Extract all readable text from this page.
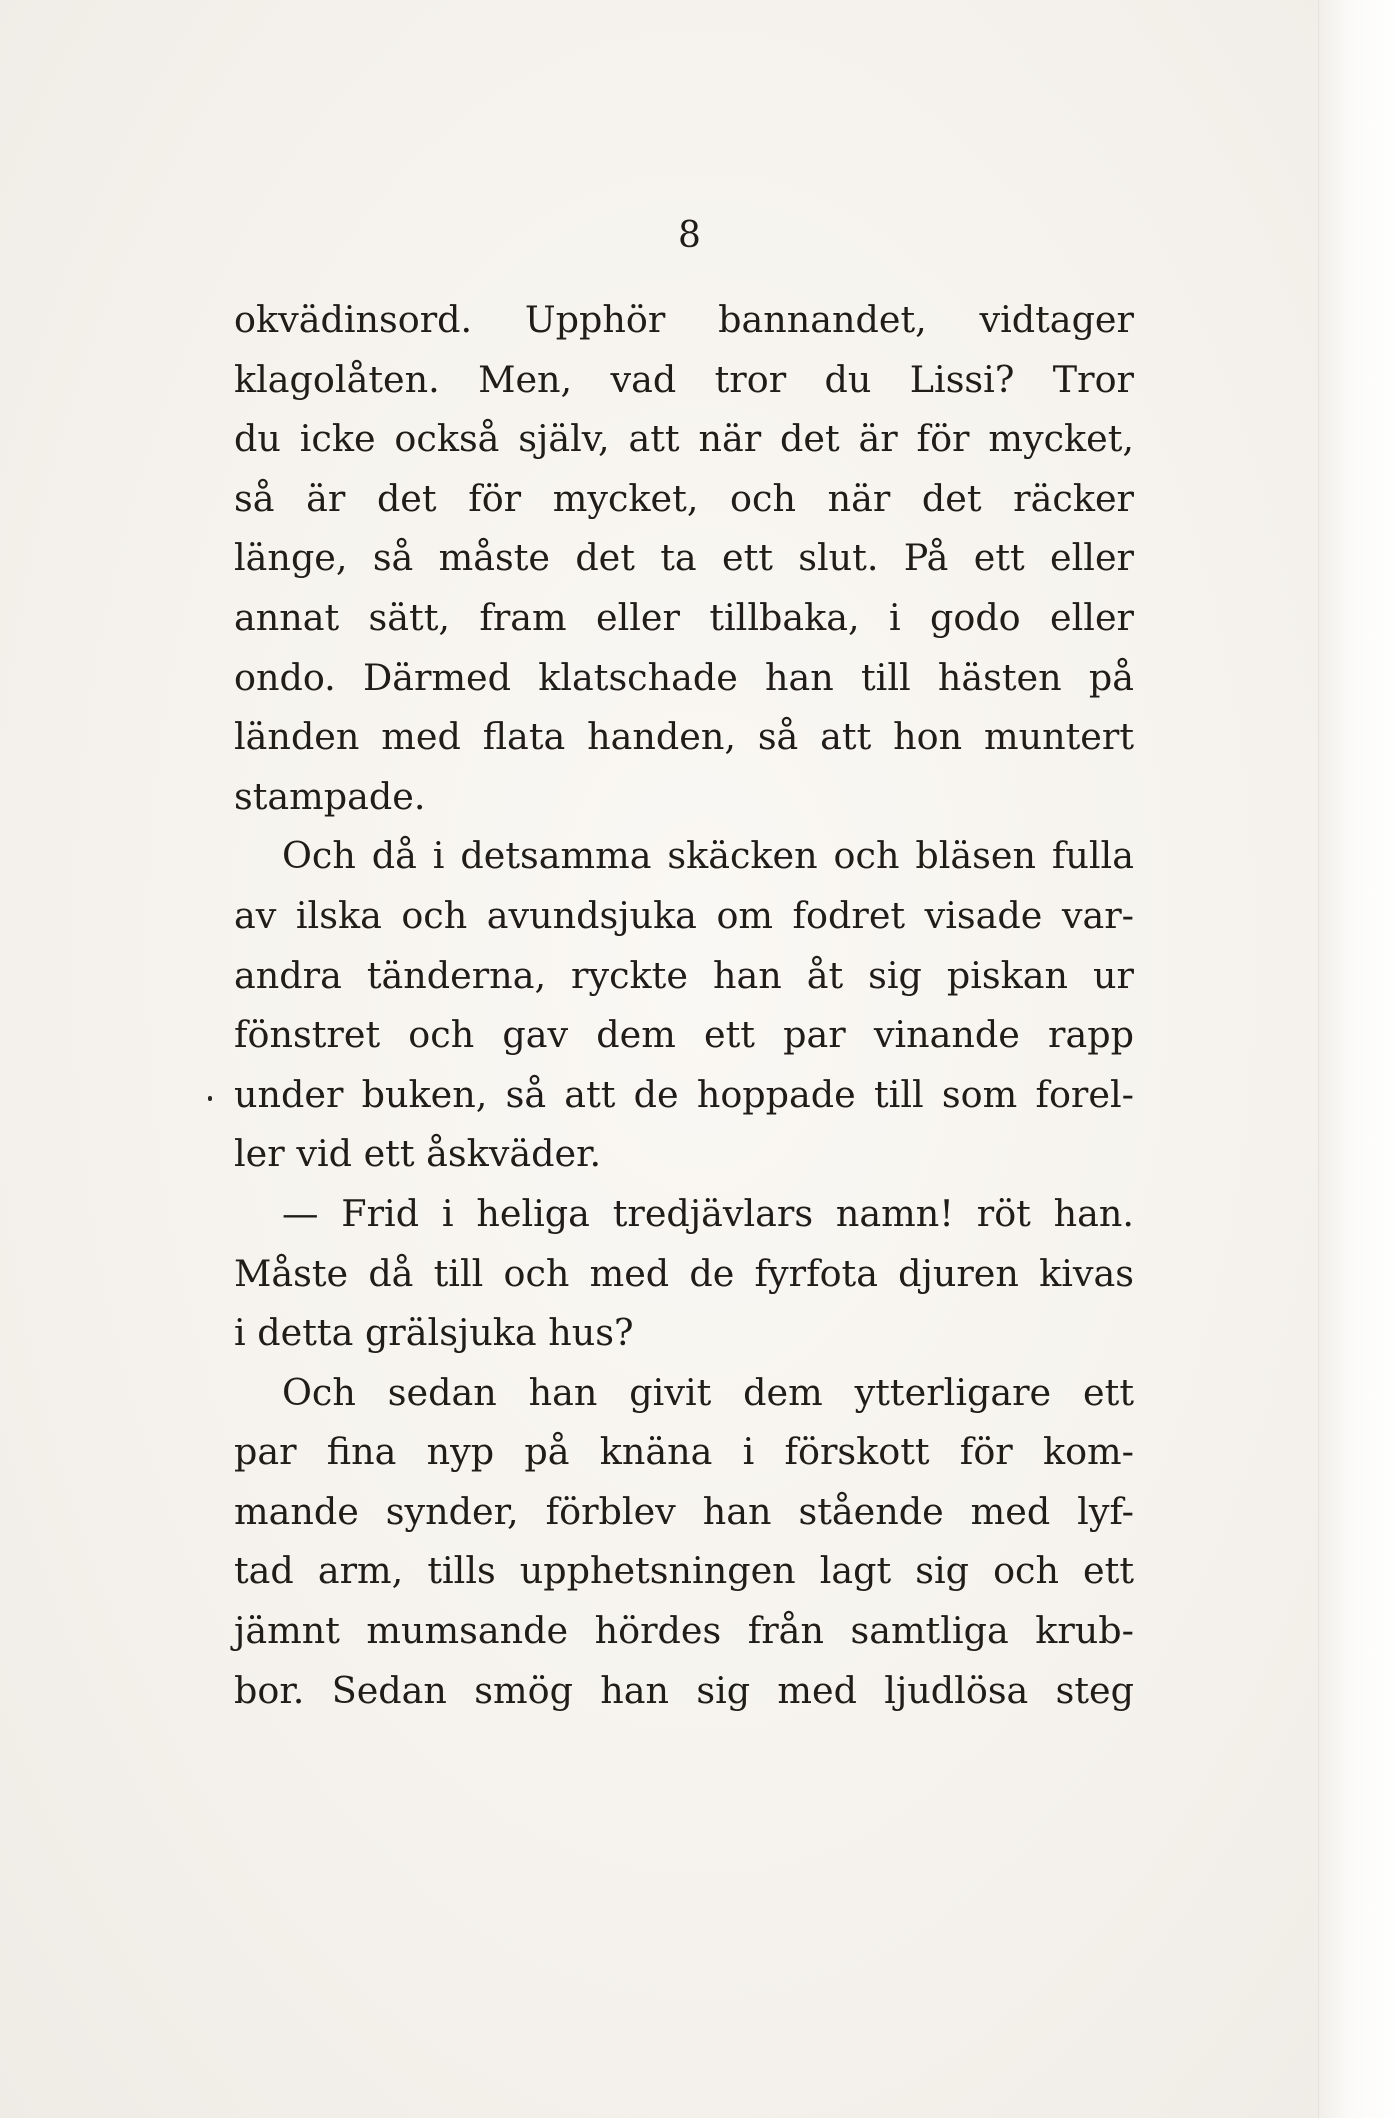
8
okvädinsord. Upphör bannandet, vidtager
klagolåten. Men, vad tror du Lissi? Tror
du icke också själv, att när det är för mycket,
så är det för mycket, och när det räcker
länge, så måste det ta ett slut. På ett eller
annat sätt, fram eller tillbaka, i godo eller
ondo. Därmed klatschade han till hästen på
länden med flata handen, så att hon muntert
stampade.
Och då i detsamma skäcken och bläsen fulla
av ilska och avundsjuka om fodret visade var-
andra tänderna, ryckte han åt sig piskan ur
fönstret och gav dem ett par vinande rapp
under buken, så att de hoppade till som forel-
ler vid ett åskväder.
— Frid i heliga tredjävlars namn! röt han.
Måste då till och med de fyrfota djuren kivas
i detta grälsjuka hus?
Och sedan han givit dem ytterligare ett
par fina nyp på knäna i förskott för kom-
mande synder, förblev han stående med lyf-
tad arm, tills upphetsningen lagt sig och ett
jämnt mumsande hördes från samtliga krub-
bor. Sedan smög han sig med ljudlösa steg
